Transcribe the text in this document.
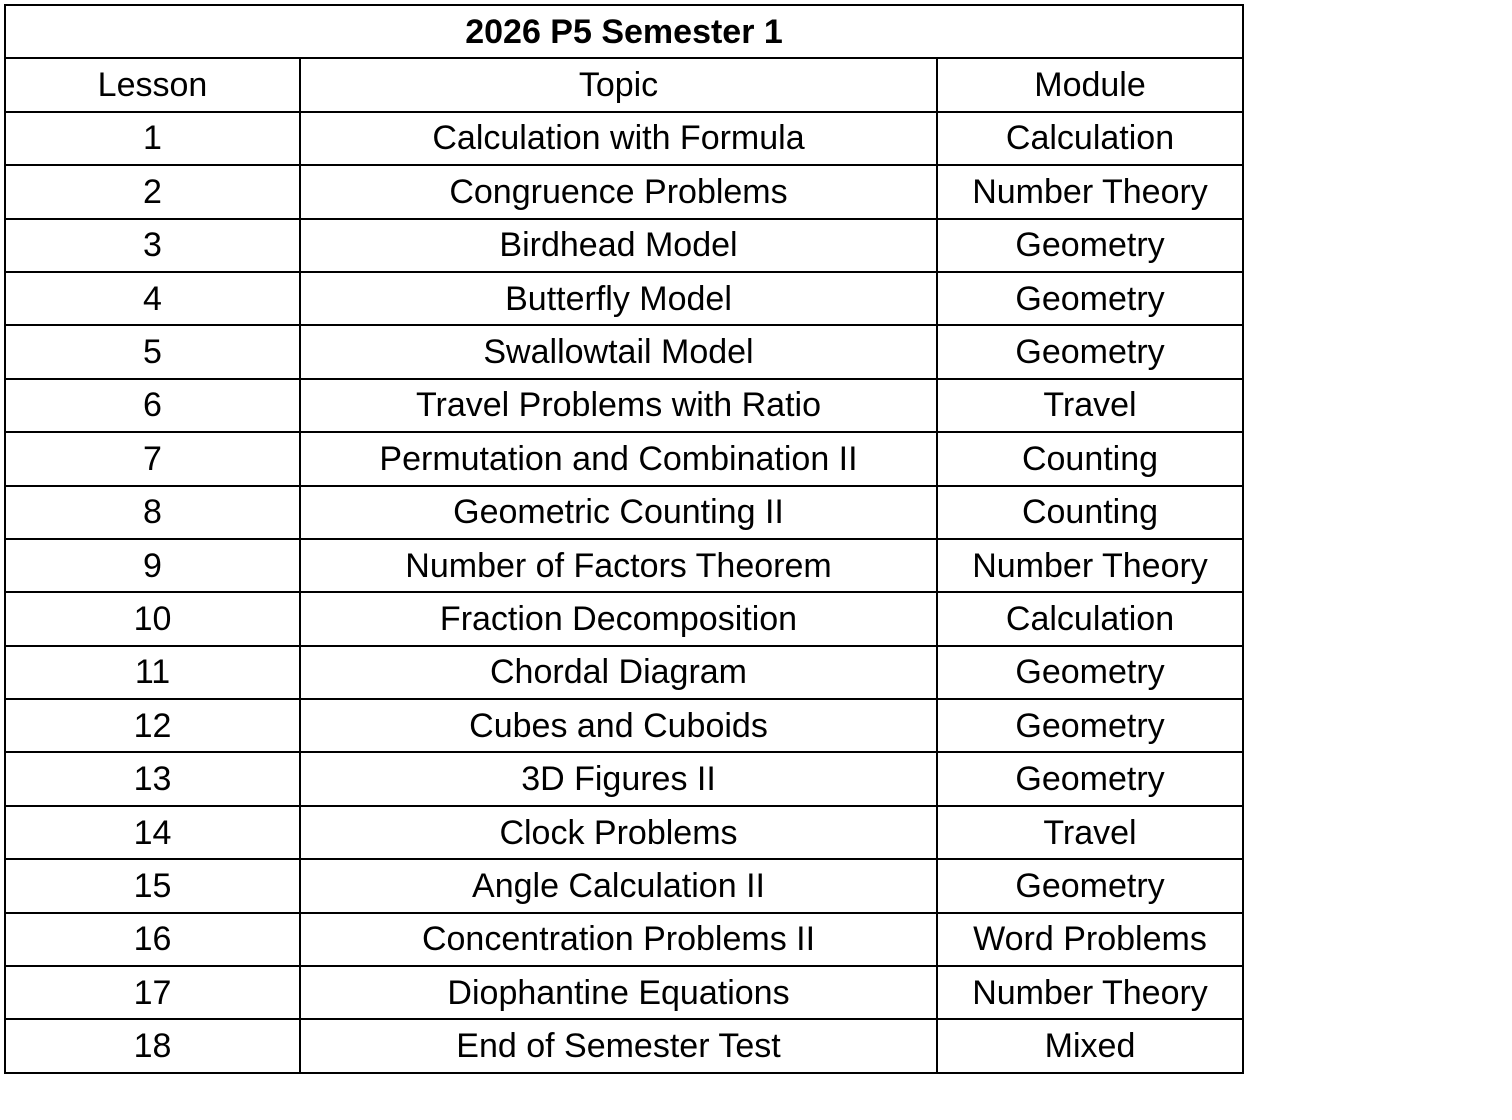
2026 P5 Semester 1		
Lesson	Topic	Module
1	Calculation with Formula	Calculation
2	Congruence Problems	Number Theory
3	Birdhead Model	Geometry
4	Butterfly Model	Geometry
5	Swallowtail Model	Geometry
6	Travel Problems with Ratio	Travel
7	Permutation and Combination II	Counting
8	Geometric Counting II	Counting
9	Number of Factors Theorem	Number Theory
10	Fraction Decomposition	Calculation
11	Chordal Diagram	Geometry
12	Cubes and Cuboids	Geometry
13	3D Figures II	Geometry
14	Clock Problems	Travel
15	Angle Calculation II	Geometry
16	Concentration Problems II	Word Problems
17	Diophantine Equations	Number Theory
18	End of Semester Test	Mixed
